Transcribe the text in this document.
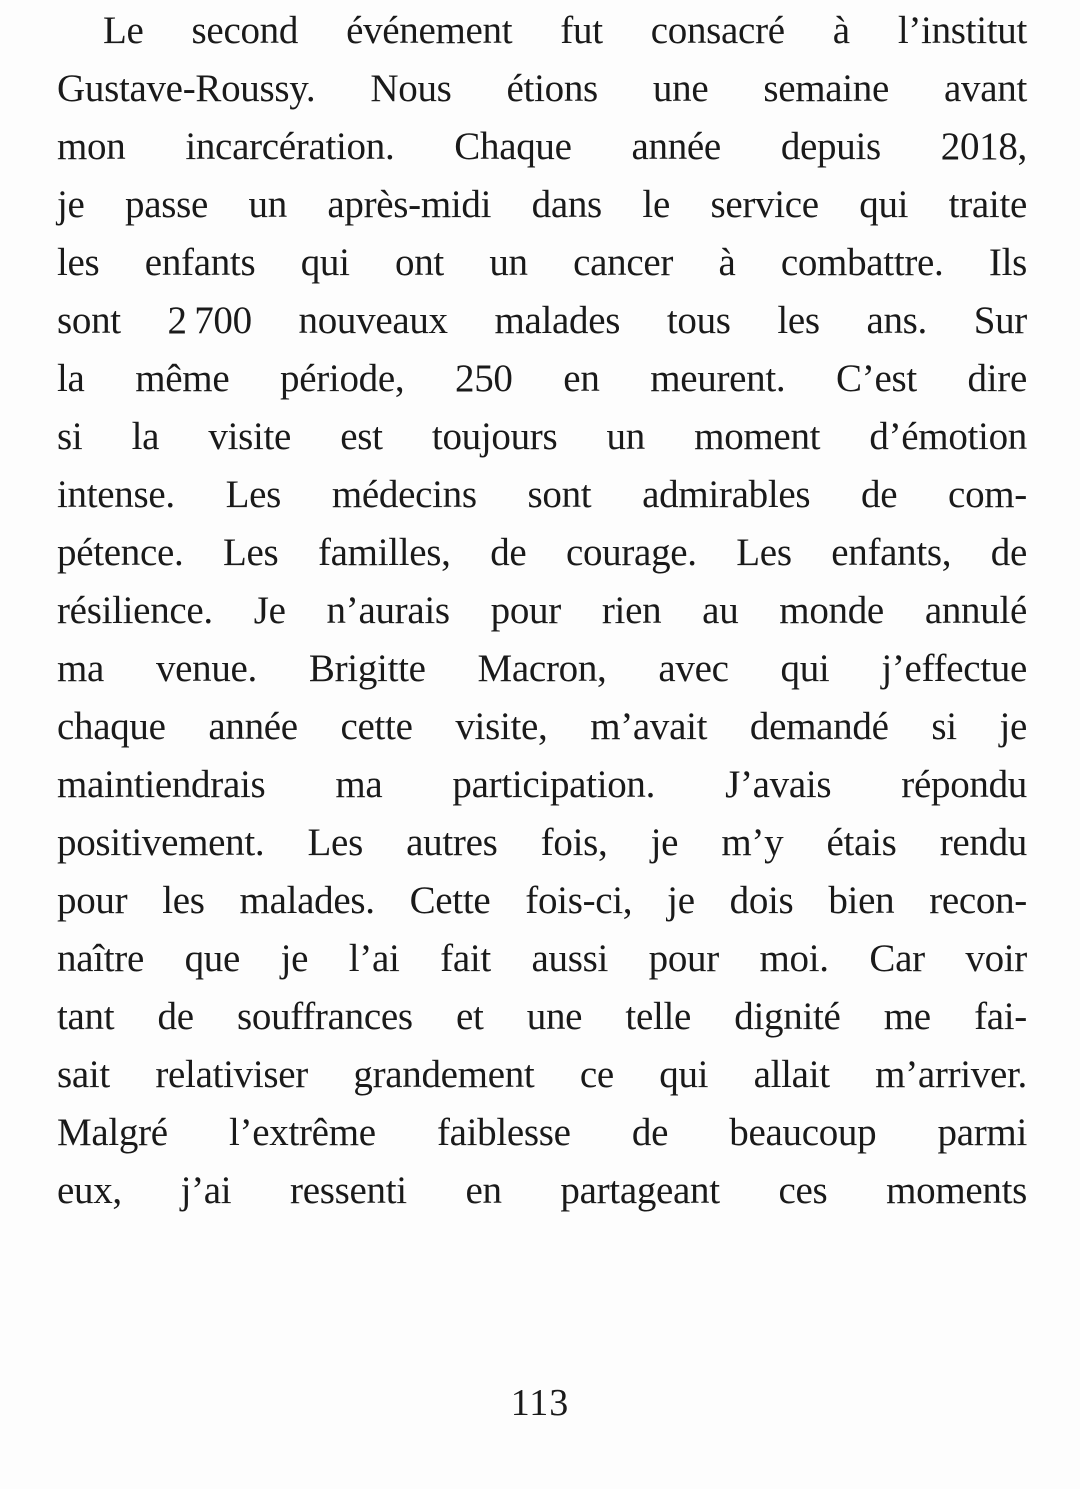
Le second événement fut consacré à l’institut
Gustave-Roussy. Nous étions une semaine avant
mon incarcération. Chaque année depuis 2018,
je passe un après-midi dans le service qui traite
les enfants qui ont un cancer à combattre. Ils
sont 2 700 nouveaux malades tous les ans. Sur
la même période, 250 en meurent. C’est dire
si la visite est toujours un moment d’émotion
intense. Les médecins sont admirables de com-
pétence. Les familles, de courage. Les enfants, de
résilience. Je n’aurais pour rien au monde annulé
ma venue. Brigitte Macron, avec qui j’effectue
chaque année cette visite, m’avait demandé si je
maintiendrais ma participation. J’avais répondu
positivement. Les autres fois, je m’y étais rendu
pour les malades. Cette fois-ci, je dois bien recon-
naître que je l’ai fait aussi pour moi. Car voir
tant de souffrances et une telle dignité me fai-
sait relativiser grandement ce qui allait m’arriver.
Malgré l’extrême faiblesse de beaucoup parmi
eux, j’ai ressenti en partageant ces moments
113
